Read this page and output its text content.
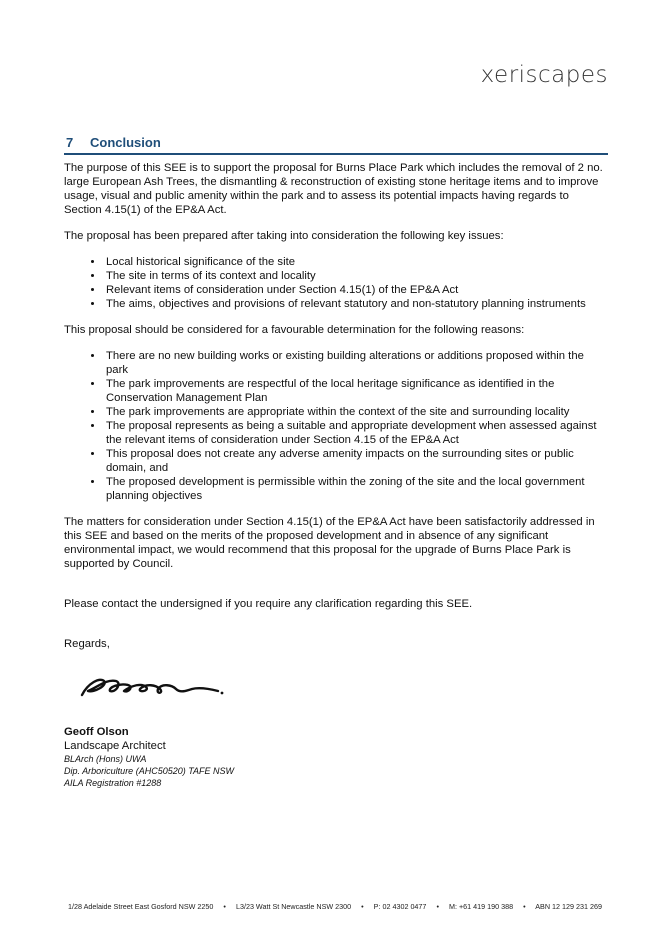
xeriscapes
7	Conclusion

The purpose of this SEE is to support the proposal for Burns Place Park which includes the removal of 2 no. large European Ash Trees, the dismantling & reconstruction of existing stone heritage items and to improve usage, visual and public amenity within the park and to assess its potential impacts having regards to Section 4.15(1) of the EP&A Act.

The proposal has been prepared after taking into consideration the following key issues:

• Local historical significance of the site
• The site in terms of its context and locality
• Relevant items of consideration under Section 4.15(1) of the EP&A Act
• The aims, objectives and provisions of relevant statutory and non-statutory planning instruments

This proposal should be considered for a favourable determination for the following reasons:

• There are no new building works or existing building alterations or additions proposed within the park
• The park improvements are respectful of the local heritage significance as identified in the Conservation Management Plan
• The park improvements are appropriate within the context of the site and surrounding locality
• The proposal represents as being a suitable and appropriate development when assessed against the relevant items of consideration under Section 4.15 of the EP&A Act
• This proposal does not create any adverse amenity impacts on the surrounding sites or public domain, and
• The proposed development is permissible within the zoning of the site and the local government planning objectives

The matters for consideration under Section 4.15(1) of the EP&A Act have been satisfactorily addressed in this SEE and based on the merits of the proposed development and in absence of any significant environmental impact, we would recommend that this proposal for the upgrade of Burns Place Park is supported by Council.

Please contact the undersigned if you require any clarification regarding this SEE.

Regards,

Geoff Olson
Landscape Architect
BLArch (Hons) UWA
Dip. Arboriculture (AHC50520) TAFE NSW
AILA Registration #1288
1/28 Adelaide Street East Gosford NSW 2250 • L3/23 Watt St Newcastle NSW 2300 • P: 02 4302 0477 • M: +61 419 190 388 • ABN 12 129 231 269
